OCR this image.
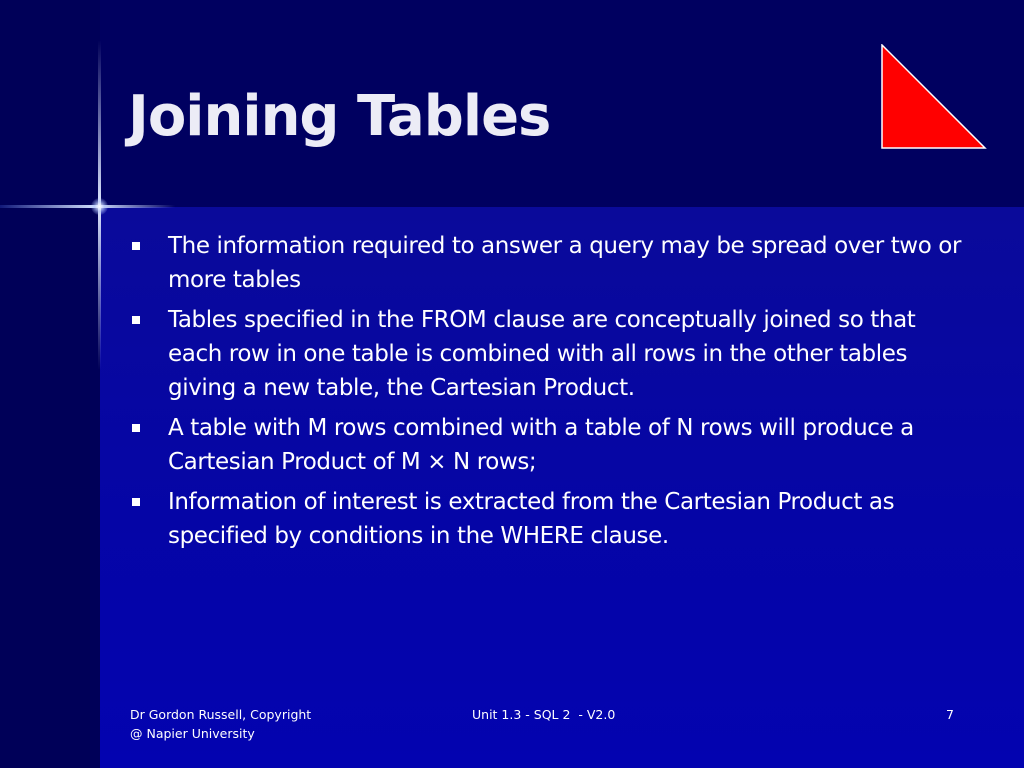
Joining Tables
The information required to answer a query may be spread over two or more tables
Tables specified in the FROM clause are conceptually joined so that each row in one table is combined with all rows in the other tables giving a new table, the Cartesian Product.
A table with M rows combined with a table of N rows will produce a Cartesian Product of M × N rows;
Information of interest is extracted from the Cartesian Product as specified by conditions in the WHERE clause.
Dr Gordon Russell, Copyright
@ Napier University
Unit 1.3 - SQL 2  - V2.0	7
